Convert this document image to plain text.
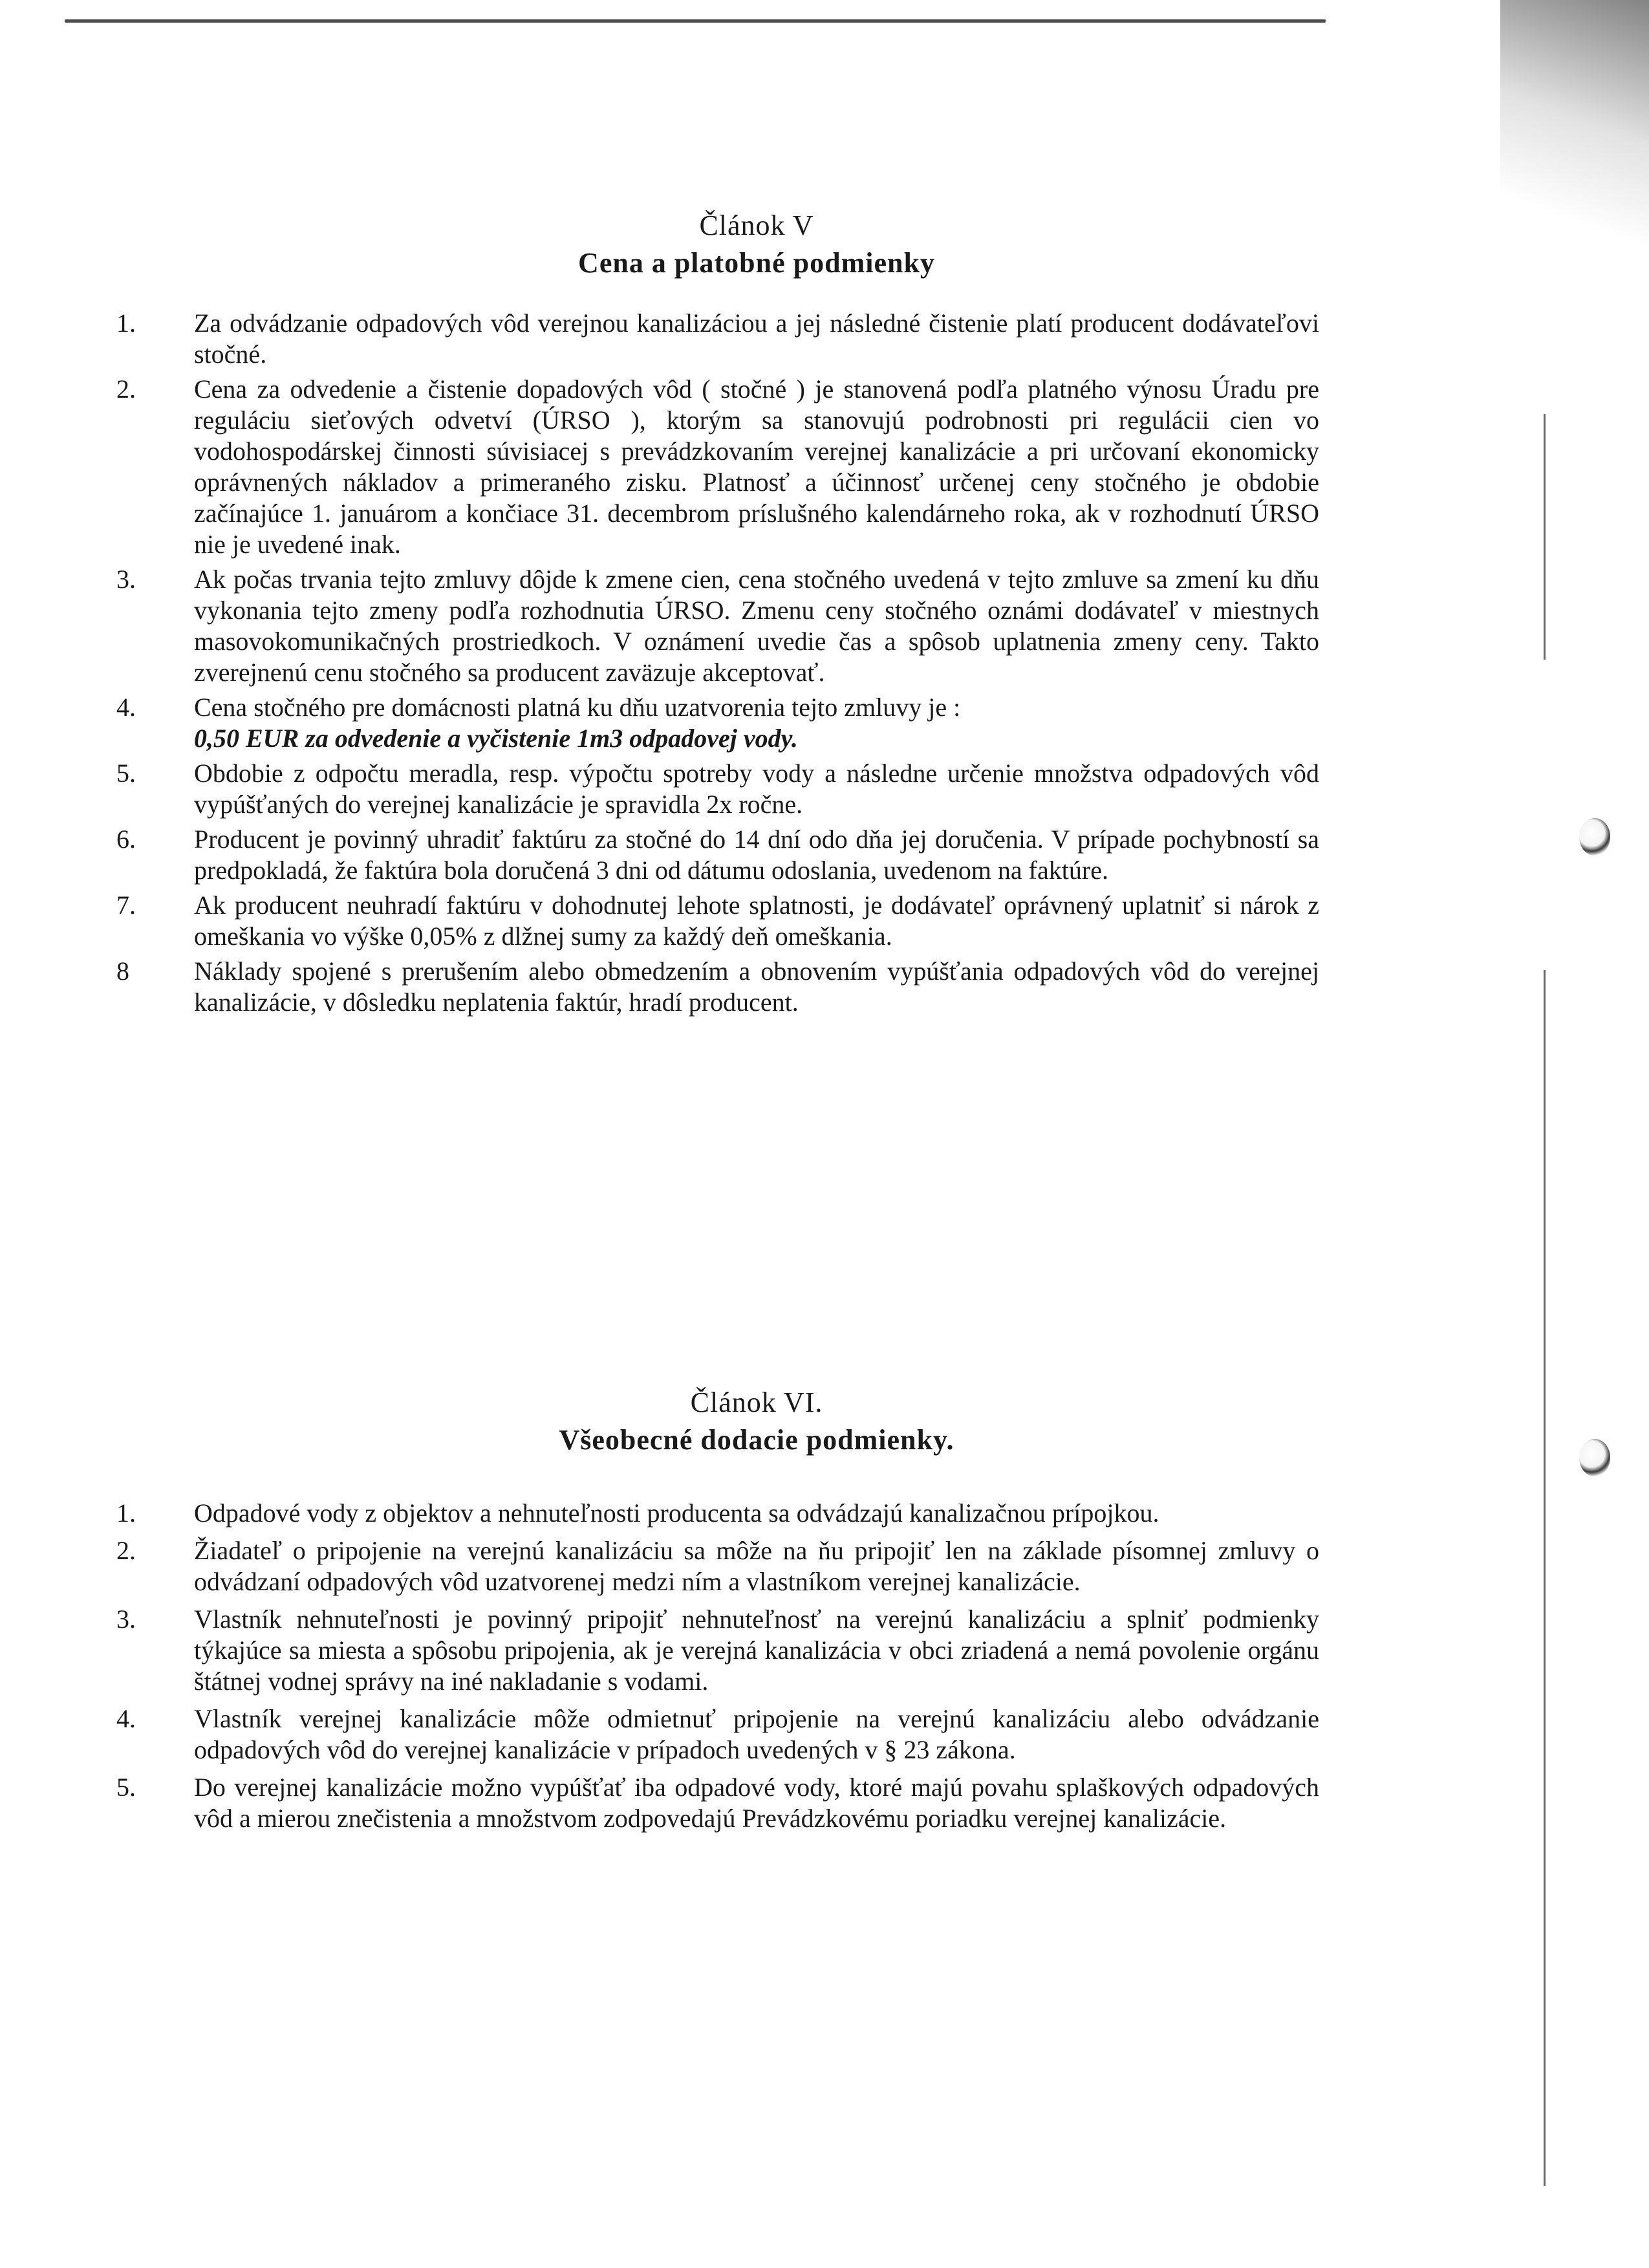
Článok V
Cena a platobné podmienky
1. Za odvádzanie odpadových vôd verejnou kanalizáciou a jej následné čistenie platí producent dodávateľovi stočné.
2. Cena za odvedenie a čistenie dopadových vôd ( stočné ) je stanovená podľa platného výnosu Úradu pre reguláciu sieťových odvetví (ÚRSO ), ktorým sa stanovujú podrobnosti pri regulácii cien vo vodohospodárskej činnosti súvisiacej s prevádzkovaním verejnej kanalizácie a pri určovaní ekonomicky oprávnených nákladov a primeraného zisku. Platnosť a účinnosť určenej ceny stočného je obdobie začínajúce 1. januárom a končiace 31. decembrom príslušného kalendárneho roka, ak v rozhodnutí ÚRSO nie je uvedené inak.
3. Ak počas trvania tejto zmluvy dôjde k zmene cien, cena stočného uvedená v tejto zmluve sa zmení ku dňu vykonania tejto zmeny podľa rozhodnutia ÚRSO. Zmenu ceny stočného oznámi dodávateľ v miestnych masovokomunikačných prostriedkoch. V oznámení uvedie čas a spôsob uplatnenia zmeny ceny. Takto zverejnenú cenu stočného sa producent zaväzuje akceptovať.
4. Cena stočného pre domácnosti platná ku dňu uzatvorenia tejto zmluvy je :
0,50 EUR za odvedenie a vyčistenie 1m3 odpadovej vody.
5. Obdobie z odpočtu meradla, resp. výpočtu spotreby vody a následne určenie množstva odpadových vôd vypúšťaných do verejnej kanalizácie je spravidla 2x ročne.
6. Producent je povinný uhradiť faktúru za stočné do 14 dní odo dňa jej doručenia. V prípade pochybností sa predpokladá, že faktúra bola doručená 3 dni od dátumu odoslania, uvedenom na faktúre.
7. Ak producent neuhradí faktúru v dohodnutej lehote splatnosti, je dodávateľ oprávnený uplatniť si nárok z omeškania vo výške 0,05% z dlžnej sumy za každý deň omeškania.
8	Náklady spojené s prerušením alebo obmedzením a obnovením vypúšťania odpadových vôd do verejnej kanalizácie, v dôsledku neplatenia faktúr, hradí producent.
Článok VI.
Všeobecné dodacie podmienky.
1. Odpadové vody z objektov a nehnuteľnosti producenta sa odvádzajú kanalizačnou prípojkou.
2. Žiadateľ o pripojenie na verejnú kanalizáciu sa môže na ňu pripojiť len na základe písomnej zmluvy o odvádzaní odpadových vôd uzatvorenej medzi ním a vlastníkom verejnej kanalizácie.
3. Vlastník nehnuteľnosti je povinný pripojiť nehnuteľnosť na verejnú kanalizáciu a splniť podmienky týkajúce sa miesta a spôsobu pripojenia, ak je verejná kanalizácia v obci zriadená a nemá povolenie orgánu štátnej vodnej správy na iné nakladanie s vodami.
4. Vlastník verejnej kanalizácie môže odmietnuť pripojenie na verejnú kanalizáciu alebo odvádzanie odpadových vôd do verejnej kanalizácie v prípadoch uvedených v § 23 zákona.
5. Do verejnej kanalizácie možno vypúšťať iba odpadové vody, ktoré majú povahu splaškových odpadových vôd a mierou znečistenia a množstvom zodpovedajú Prevádzkovému poriadku verejnej kanalizácie.
